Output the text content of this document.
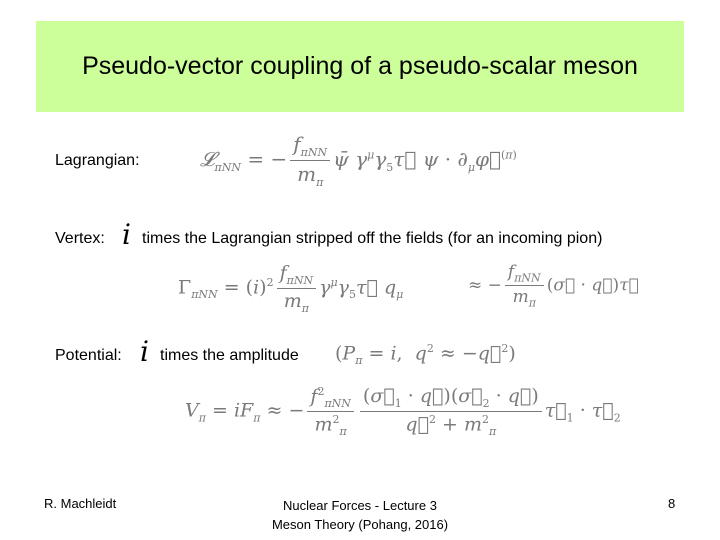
Pseudo-vector coupling of a pseudo-scalar meson
Lagrangian:	𝓛$_{\pi NN}$ = − $\frac{f_{\pi NN}}{m_\pi}$ ψ̄ $\gamma^\mu\gamma_5\tau⃗$ $\psi \cdot \partial_\mu\varphi⃗^{(\pi)}$
Vertex: i times the Lagrangian stripped off the fields (for an incoming pion)
$\Gamma_{\pi NN} = (i)^2 \frac{f_{\pi NN}}{m_\pi}$ $\gamma^\mu\gamma_5\tau⃗$ $q_\mu$	≈ − $\frac{f_{\pi NN}}{m_\pi}$ (σ⃗ · q⃗)τ⃗
Potential: i times the amplitude ($P_\pi = i$,  $q^2$ ≈ −q⃗$^2$)
$V_\pi = iF_\pi$ ≈ − $\frac{f^2_{\pi NN}}{m^2_\pi} \frac{(\sigma⃗_1 \cdot q⃗)(\sigma⃗_2 \cdot q⃗)}{q⃗^2 + m^2_\pi}$ $\tau⃗_1$ · $\tau⃗_2$
R. Machleidt	Nuclear Forces - Lecture 3
Meson Theory (Pohang, 2016)
8
